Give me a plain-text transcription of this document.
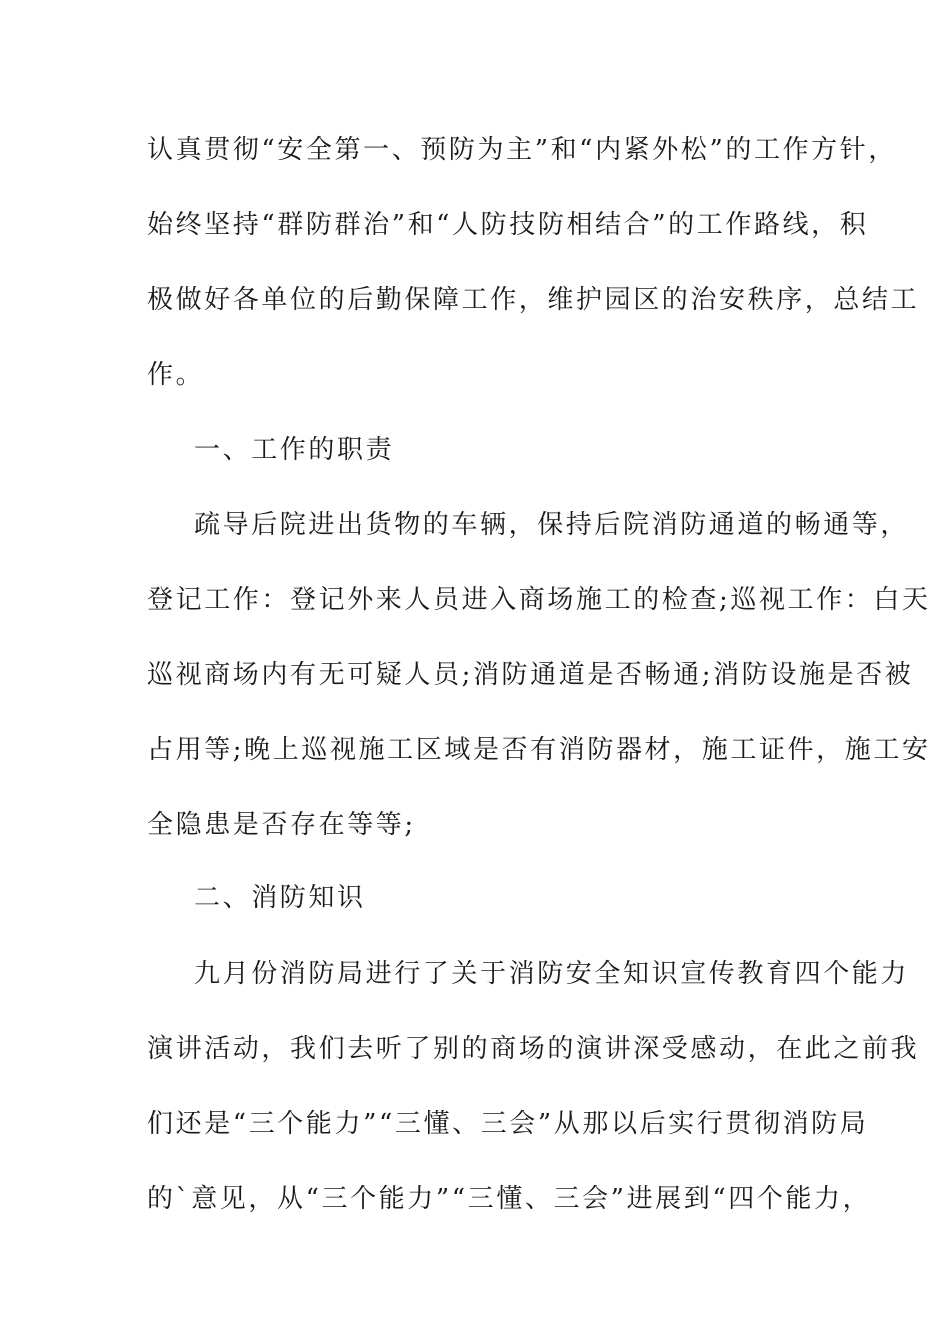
认真贯彻“安全第一、预防为主”和“内紧外松”的工作方针，
始终坚持“群防群治”和“人防技防相结合”的工作路线，积
极做好各单位的后勤保障工作，维护园区的治安秩序，总结工
作。
一、工作的职责
疏导后院进出货物的车辆，保持后院消防通道的畅通等，
登记工作：登记外来人员进入商场施工的检查;巡视工作：白天
巡视商场内有无可疑人员;消防通道是否畅通;消防设施是否被
占用等;晚上巡视施工区域是否有消防器材，施工证件，施工安
全隐患是否存在等等;
二、消防知识
九月份消防局进行了关于消防安全知识宣传教育四个能力
演讲活动，我们去听了别的商场的演讲深受感动，在此之前我
们还是“三个能力”“三懂、三会”从那以后实行贯彻消防局
的`意见，从“三个能力”“三懂、三会”进展到“四个能力，
